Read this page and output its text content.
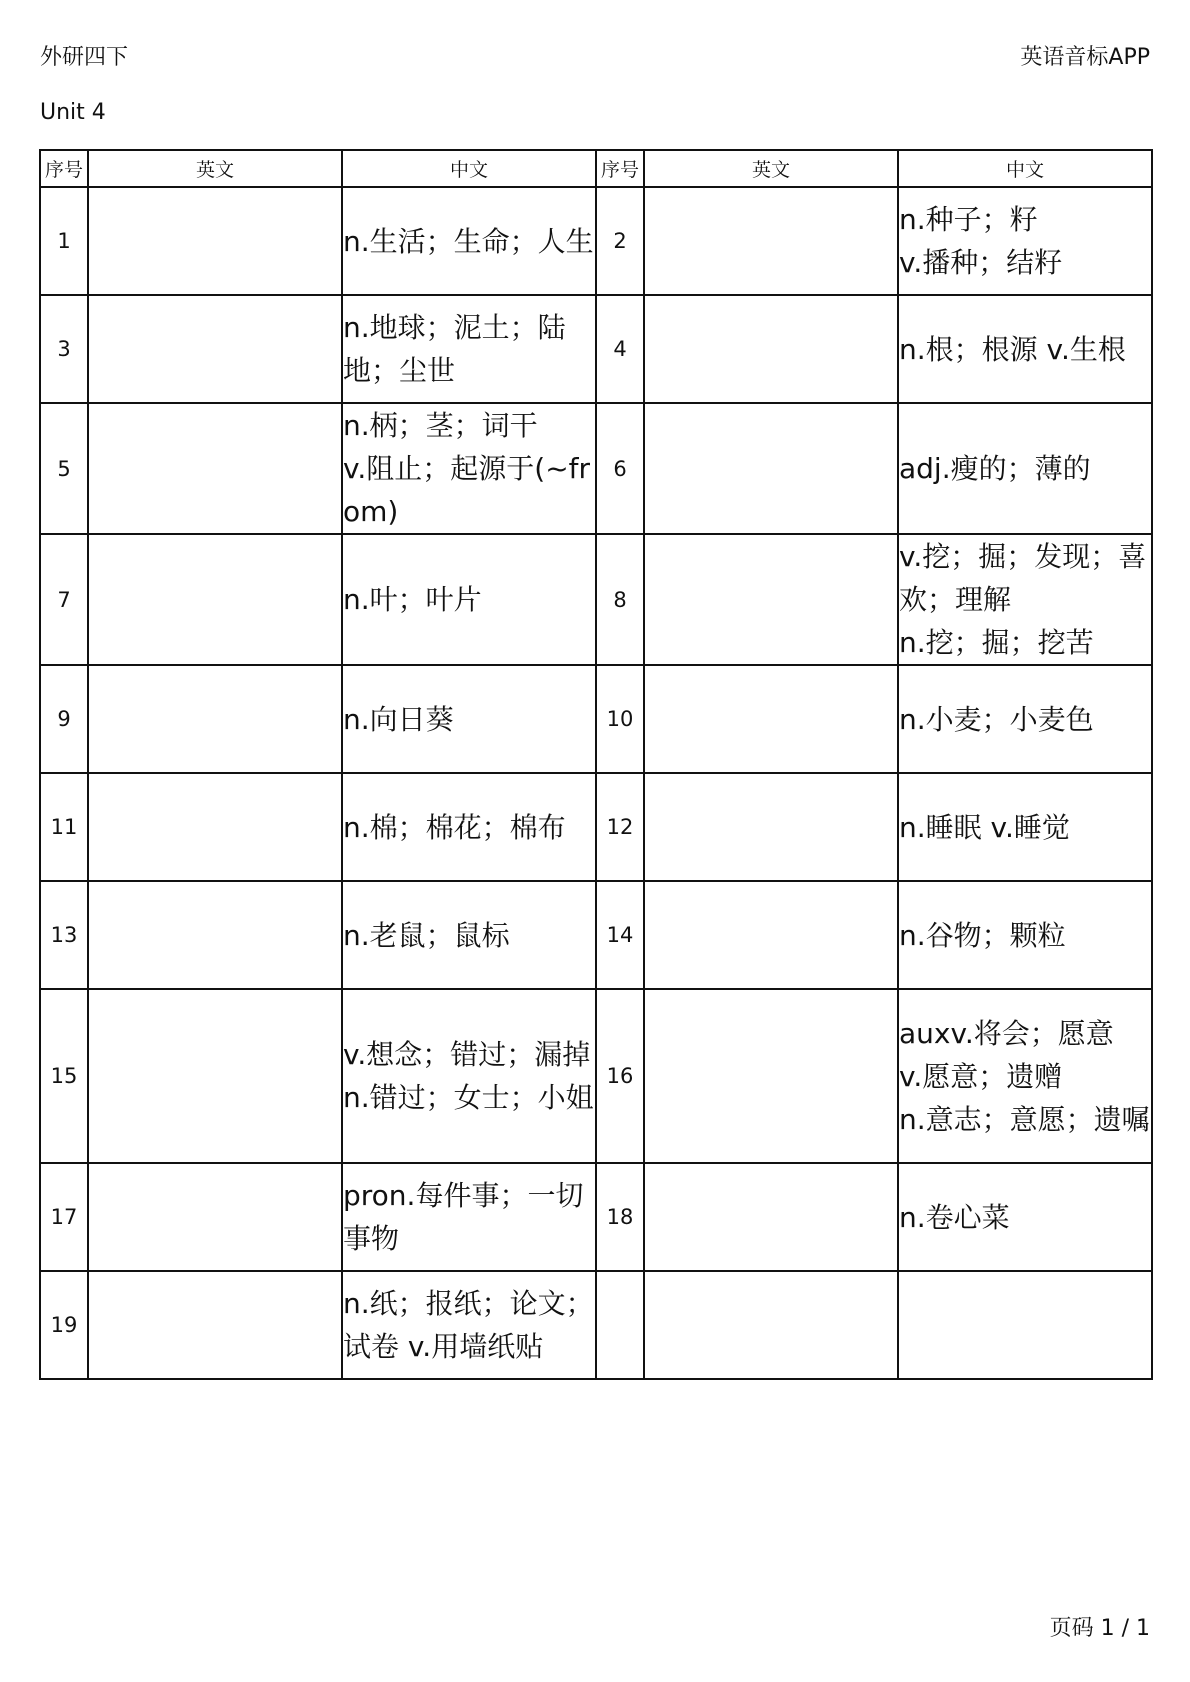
外研四下	英语音标APP
Unit 4
序号	英文	中文	序号	英文	中文
1		n.生活；生命；人生	2		n.种子；籽
v.播种；结籽

3		n.地球；泥土；陆地；尘世	4		n.根；根源 v.生根

5		n.柄；茎；词干
v.阻止；起源于(~from)	6		adj.瘦的；薄的

7		n.叶；叶片	8		v.挖；掘；发现；喜欢；理解
n.挖；掘；挖苦

9		n.向日葵	10		n.小麦；小麦色

11		n.棉；棉花；棉布	12		n.睡眠 v.睡觉

13		n.老鼠；鼠标	14		n.谷物；颗粒

15		v.想念；错过；漏掉
n.错过；女士；小姐	16		auxv.将会；愿意
v.愿意；遗赠
n.意志；意愿；遗嘱

17		pron.每件事；一切事物	18		n.卷心菜

19		n.纸；报纸；论文；试卷 v.用墙纸贴			

页码 1 / 1
